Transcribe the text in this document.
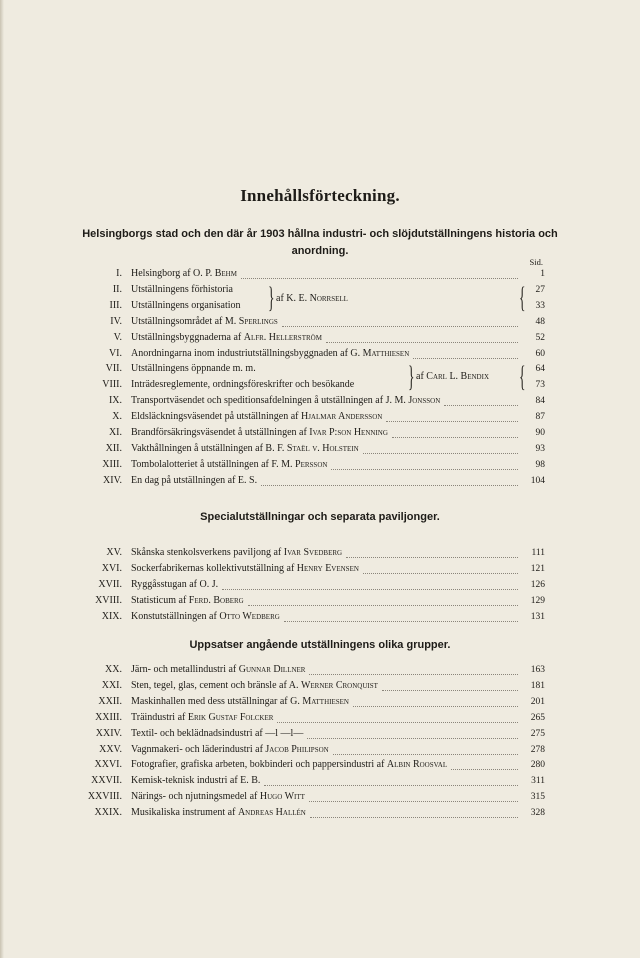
Innehållsförteckning.
Helsingborgs stad och den där år 1903 hållna industri- och slöjdutställningens historia och anordning.
Sid.
Specialutställningar och separata paviljonger.
Uppsatser angående utställningens olika grupper.
I. Helsingborg af O. P. Behm	1
II. Utställningens förhistoria	27
III. Utställningens organisation	33
IV. Utställningsområdet af M. Sperlings	48
V. Utställningsbyggnaderna af Alfr. Hellerström	52
VI. Anordningarna inom industriutställningsbyggnaden af G. Matthiesen	60
VII. Utställningens öppnande m. m.	64
VIII. Inträdesreglemente, ordningsföreskrifter och besökande	73
IX. Transportväsendet och speditionsafdelningen å utställningen af J. M. Jonsson	84
X. Eldsläckningsväsendet på utställningen af Hjalmar Andersson	87
XI. Brandförsäkringsväsendet å utställningen af Ivar P:son Henning	90
XII. Vakthållningen å utställningen af B. F. Staël v. Holstein	93
XIII. Tombolalotteriet å utställningen af F. M. Persson	98
XIV. En dag på utställningen af E. S.	104
XV. Skånska stenkolsverkens paviljong af Ivar Svedberg	111
XVI. Sockerfabrikernas kollektivutställning af Henry Evensen	121
XVII. Ryggåsstugan af O. J.	126
XVIII. Statisticum af Ferd. Boberg	129
XIX. Konstutställningen af Otto Wedberg	131
XX. Järn- och metallindustri af Gunnar Dillner	163
XXI. Sten, tegel, glas, cement och bränsle af A. Werner Cronquist	181
XXII. Maskinhallen med dess utställningar af G. Matthiesen	201
XXIII. Träindustri af Erik Gustaf Folcker	265
XXIV. Textil- och beklädnadsindustri af —l —l—	275
XXV. Vagnmakeri- och läderindustri af Jacob Philipson	278
XXVI. Fotografier, grafiska arbeten, bokbinderi och pappersindustri af Albin Roosval	280
XXVII. Kemisk-teknisk industri af E. B.	311
XXVIII. Närings- och njutningsmedel af Hugo Witt	315
XXIX. Musikaliska instrument af Andreas Hallén	328
} af K. E. Norrsell	{
} af Carl L. Bendix {
